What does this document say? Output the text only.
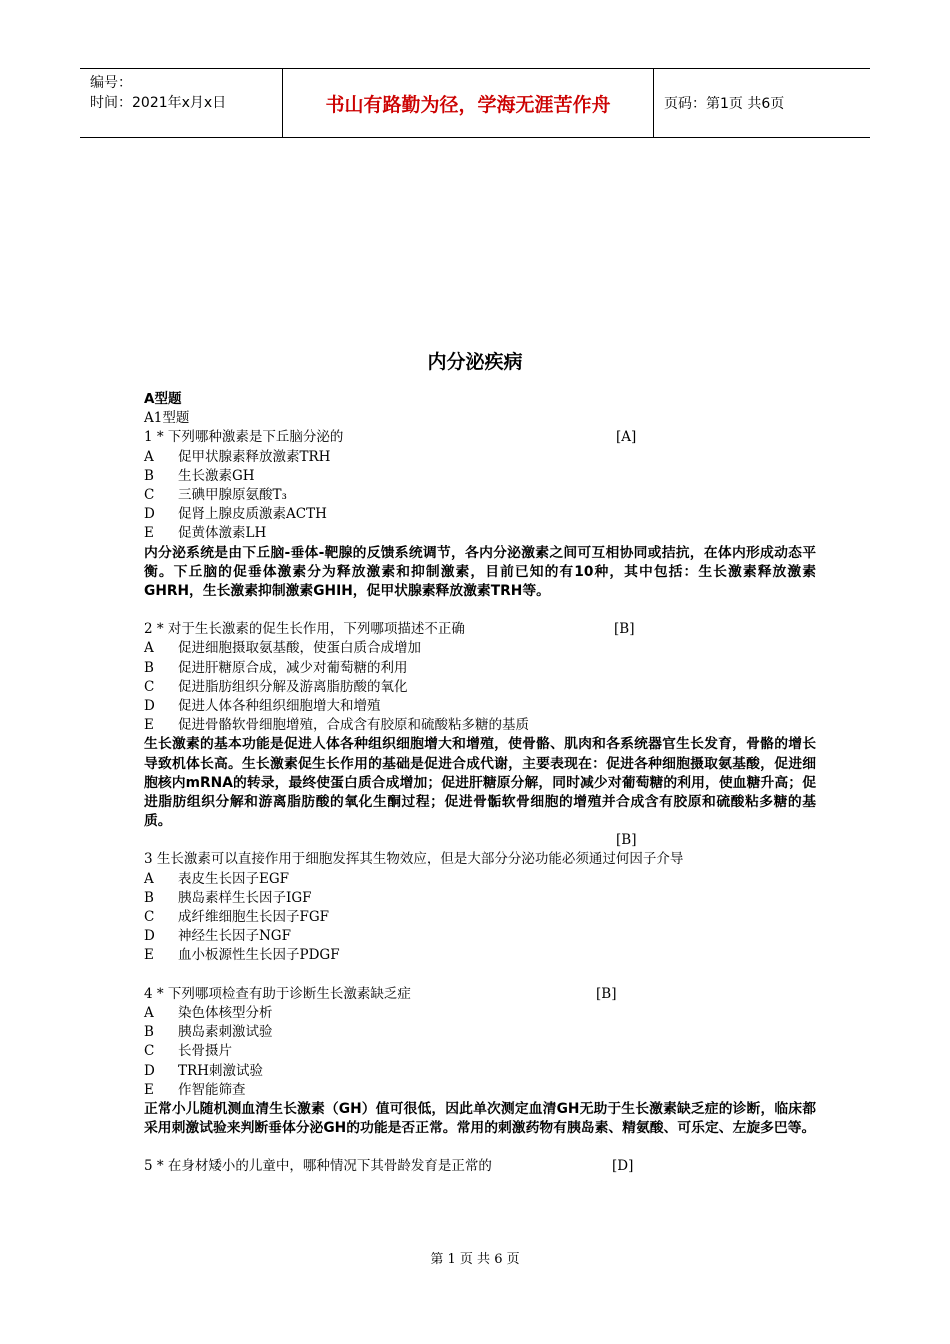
编号：
时间：2021年x月x日	书山有路勤为径，学海无涯苦作舟	页码：第1页 共6页
内分泌疾病
A型题
A1型题
1 * 下列哪种激素是下丘脑分泌的	[A]
A	促甲状腺素释放激素TRH
B	生长激素GH
C	三碘甲腺原氨酸T₃
D	促肾上腺皮质激素ACTH
E	促黄体激素LH
内分泌系统是由下丘脑-垂体-靶腺的反馈系统调节，各内分泌激素之间可互相协同或拮抗，在体内形成动态平衡。下丘脑的促垂体激素分为释放激素和抑制激素，目前已知的有10种，其中包括：生长激素释放激素GHRH，生长激素抑制激素GHIH，促甲状腺素释放激素TRH等。
2 * 对于生长激素的促生长作用，下列哪项描述不正确	[B]
A	促进细胞摄取氨基酸，使蛋白质合成增加
B	促进肝糖原合成，减少对葡萄糖的利用
C	促进脂肪组织分解及游离脂肪酸的氧化
D	促进人体各种组织细胞增大和增殖
E	促进骨骼软骨细胞增殖，合成含有胶原和硫酸粘多糖的基质
生长激素的基本功能是促进人体各种组织细胞增大和增殖，使骨骼、肌肉和各系统器官生长发育，骨骼的增长导致机体长高。生长激素促生长作用的基础是促进合成代谢，主要表现在：促进各种细胞摄取氨基酸，促进细胞核内mRNA的转录，最终使蛋白质合成增加；促进肝糖原分解，同时减少对葡萄糖的利用，使血糖升高；促进脂肪组织分解和游离脂肪酸的氧化生酮过程；促进骨骺软骨细胞的增殖并合成含有胶原和硫酸粘多糖的基质。
3 生长激素可以直接作用于细胞发挥其生物效应，但是大部分分泌功能必须通过何因子介导
[B]
A	表皮生长因子EGF
B	胰岛素样生长因子IGF
C	成纤维细胞生长因子FGF
D	神经生长因子NGF
E	血小板源性生长因子PDGF
4 * 下列哪项检查有助于诊断生长激素缺乏症	[B]
A	染色体核型分析
B	胰岛素刺激试验
C	长骨摄片
D	TRH刺激试验
E	作智能筛查
正常小儿随机测血清生长激素（GH）值可很低，因此单次测定血清GH无助于生长激素缺乏症的诊断，临床都采用刺激试验来判断垂体分泌GH的功能是否正常。常用的刺激药物有胰岛素、精氨酸、可乐定、左旋多巴等。
5 * 在身材矮小的儿童中，哪种情况下其骨龄发育是正常的	[D]
第 1 页 共 6 页
